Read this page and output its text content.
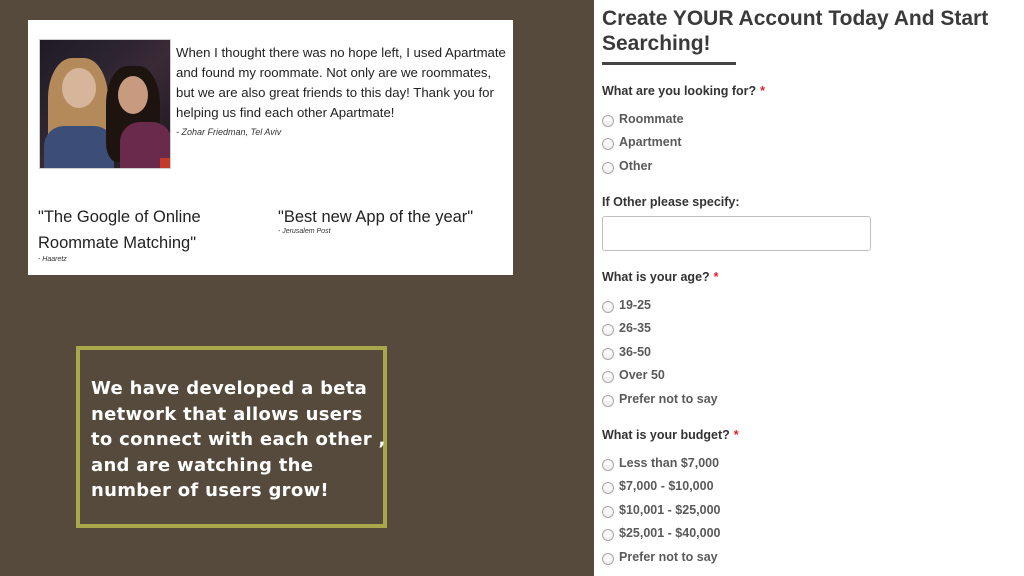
When I thought there was no hope left, I used Apartmate and found my roommate. Not only are we roommates, but we are also great friends to this day! Thank you for helping us find each other Apartmate!
- Zohar Friedman, Tel Aviv
"The Google of Online Roommate Matching"
- Haaretz
"Best new App of the year"
- Jerusalem Post
We have developed a beta network that allows users to connect with each other , and are watching the number of users grow!
Create YOUR Account Today And Start Searching!
What are you looking for? *
Roommate
Apartment
Other
If Other please specify:
What is your age? *
19-25
26-35
36-50
Over 50
Prefer not to say
What is your budget? *
Less than $7,000
$7,000 - $10,000
$10,001 - $25,000
$25,001 - $40,000
Prefer not to say
